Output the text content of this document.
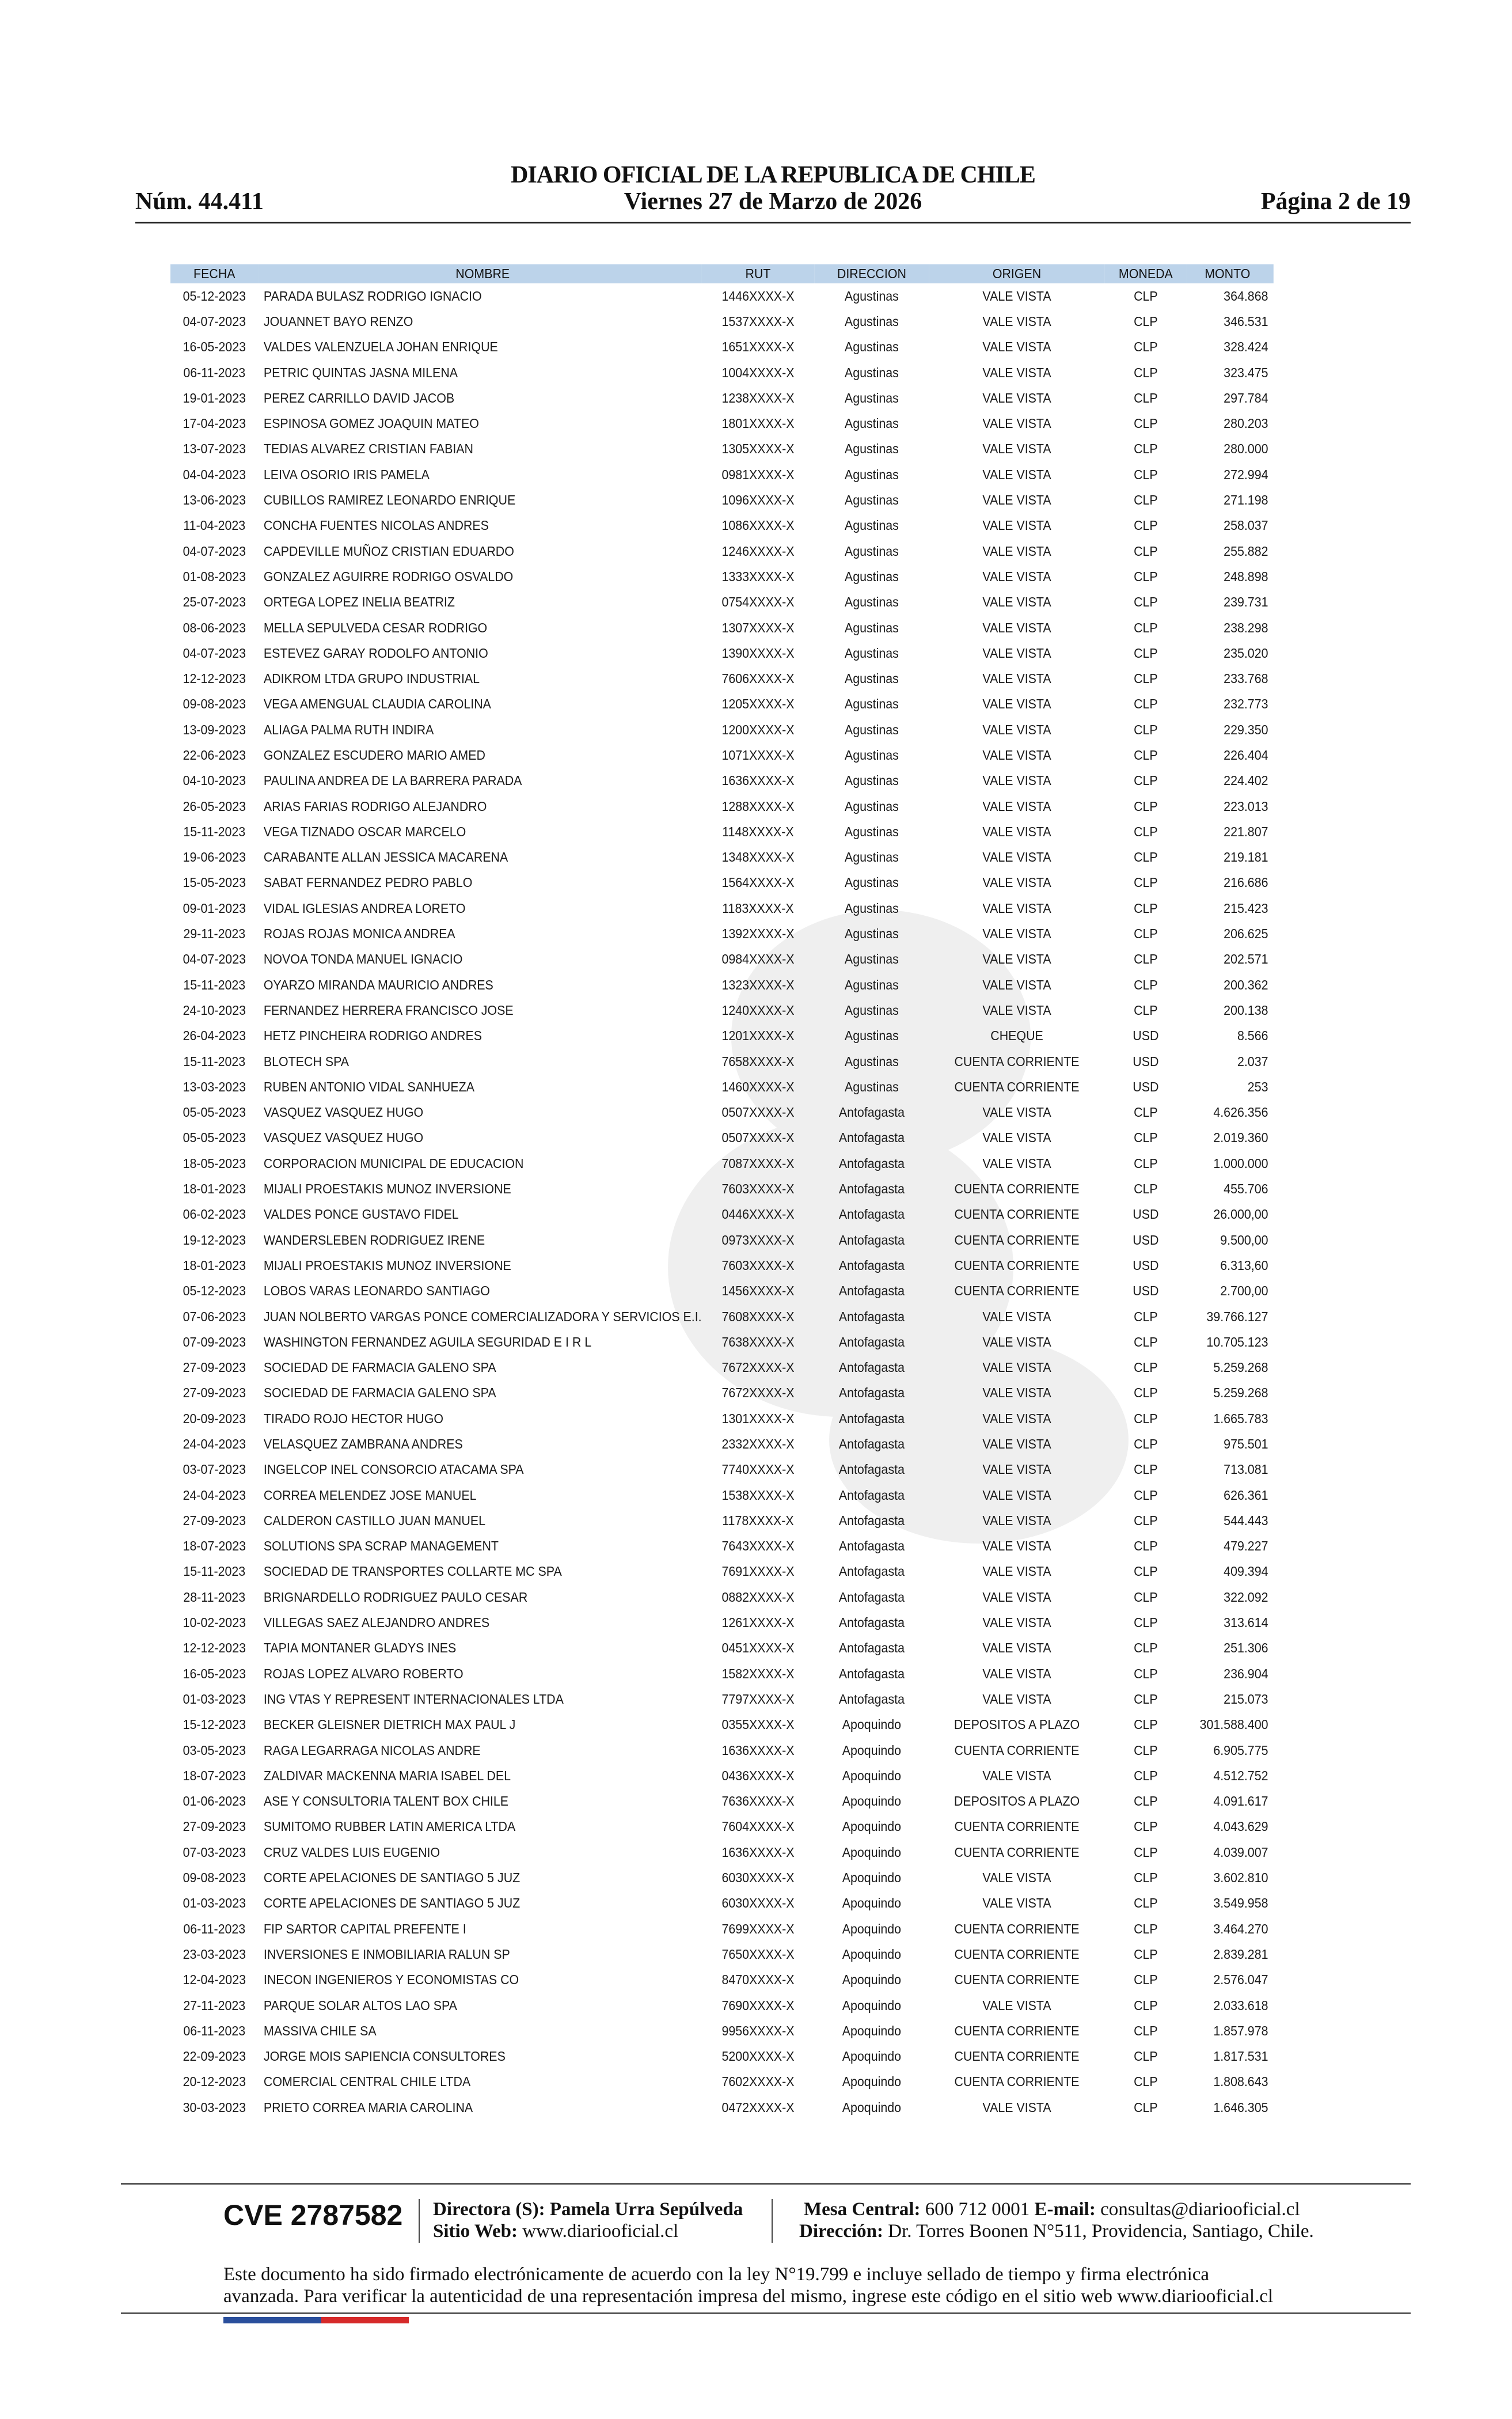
DIARIO OFICIAL DE LA REPUBLICA DE CHILE
Núm. 44.411	Viernes 27 de Marzo de 2026	Página 2 de 19
FECHA	NOMBRE	RUT	DIRECCION	ORIGEN	MONEDA	MONTO
05-12-2023	PARADA BULASZ RODRIGO IGNACIO	1446XXXX-X	Agustinas	VALE VISTA	CLP	364.868
04-07-2023	JOUANNET BAYO RENZO	1537XXXX-X	Agustinas	VALE VISTA	CLP	346.531
16-05-2023	VALDES VALENZUELA JOHAN ENRIQUE	1651XXXX-X	Agustinas	VALE VISTA	CLP	328.424
06-11-2023	PETRIC QUINTAS JASNA MILENA	1004XXXX-X	Agustinas	VALE VISTA	CLP	323.475
19-01-2023	PEREZ CARRILLO DAVID JACOB	1238XXXX-X	Agustinas	VALE VISTA	CLP	297.784
17-04-2023	ESPINOSA GOMEZ JOAQUIN MATEO	1801XXXX-X	Agustinas	VALE VISTA	CLP	280.203
13-07-2023	TEDIAS ALVAREZ CRISTIAN FABIAN	1305XXXX-X	Agustinas	VALE VISTA	CLP	280.000
04-04-2023	LEIVA OSORIO IRIS PAMELA	0981XXXX-X	Agustinas	VALE VISTA	CLP	272.994
13-06-2023	CUBILLOS RAMIREZ LEONARDO ENRIQUE	1096XXXX-X	Agustinas	VALE VISTA	CLP	271.198
11-04-2023	CONCHA FUENTES NICOLAS ANDRES	1086XXXX-X	Agustinas	VALE VISTA	CLP	258.037
04-07-2023	CAPDEVILLE MUÑOZ CRISTIAN EDUARDO	1246XXXX-X	Agustinas	VALE VISTA	CLP	255.882
01-08-2023	GONZALEZ AGUIRRE RODRIGO OSVALDO	1333XXXX-X	Agustinas	VALE VISTA	CLP	248.898
25-07-2023	ORTEGA LOPEZ INELIA BEATRIZ	0754XXXX-X	Agustinas	VALE VISTA	CLP	239.731
08-06-2023	MELLA SEPULVEDA CESAR RODRIGO	1307XXXX-X	Agustinas	VALE VISTA	CLP	238.298
04-07-2023	ESTEVEZ GARAY RODOLFO ANTONIO	1390XXXX-X	Agustinas	VALE VISTA	CLP	235.020
12-12-2023	ADIKROM LTDA GRUPO INDUSTRIAL	7606XXXX-X	Agustinas	VALE VISTA	CLP	233.768
09-08-2023	VEGA AMENGUAL CLAUDIA CAROLINA	1205XXXX-X	Agustinas	VALE VISTA	CLP	232.773
13-09-2023	ALIAGA PALMA RUTH INDIRA	1200XXXX-X	Agustinas	VALE VISTA	CLP	229.350
22-06-2023	GONZALEZ ESCUDERO MARIO AMED	1071XXXX-X	Agustinas	VALE VISTA	CLP	226.404
04-10-2023	PAULINA ANDREA DE LA BARRERA PARADA	1636XXXX-X	Agustinas	VALE VISTA	CLP	224.402
26-05-2023	ARIAS FARIAS RODRIGO ALEJANDRO	1288XXXX-X	Agustinas	VALE VISTA	CLP	223.013
15-11-2023	VEGA TIZNADO OSCAR MARCELO	1148XXXX-X	Agustinas	VALE VISTA	CLP	221.807
19-06-2023	CARABANTE ALLAN JESSICA MACARENA	1348XXXX-X	Agustinas	VALE VISTA	CLP	219.181
15-05-2023	SABAT FERNANDEZ PEDRO PABLO	1564XXXX-X	Agustinas	VALE VISTA	CLP	216.686
09-01-2023	VIDAL IGLESIAS ANDREA LORETO	1183XXXX-X	Agustinas	VALE VISTA	CLP	215.423
29-11-2023	ROJAS ROJAS MONICA ANDREA	1392XXXX-X	Agustinas	VALE VISTA	CLP	206.625
04-07-2023	NOVOA TONDA MANUEL IGNACIO	0984XXXX-X	Agustinas	VALE VISTA	CLP	202.571
15-11-2023	OYARZO MIRANDA MAURICIO ANDRES	1323XXXX-X	Agustinas	VALE VISTA	CLP	200.362
24-10-2023	FERNANDEZ HERRERA FRANCISCO JOSE	1240XXXX-X	Agustinas	VALE VISTA	CLP	200.138
26-04-2023	HETZ PINCHEIRA RODRIGO ANDRES	1201XXXX-X	Agustinas	CHEQUE	USD	8.566
15-11-2023	BLOTECH SPA	7658XXXX-X	Agustinas	CUENTA CORRIENTE	USD	2.037
13-03-2023	RUBEN ANTONIO VIDAL SANHUEZA	1460XXXX-X	Agustinas	CUENTA CORRIENTE	USD	253
05-05-2023	VASQUEZ VASQUEZ HUGO	0507XXXX-X	Antofagasta	VALE VISTA	CLP	4.626.356
05-05-2023	VASQUEZ VASQUEZ HUGO	0507XXXX-X	Antofagasta	VALE VISTA	CLP	2.019.360
18-05-2023	CORPORACION MUNICIPAL DE EDUCACION	7087XXXX-X	Antofagasta	VALE VISTA	CLP	1.000.000
18-01-2023	MIJALI PROESTAKIS MUNOZ INVERSIONE	7603XXXX-X	Antofagasta	CUENTA CORRIENTE	CLP	455.706
06-02-2023	VALDES PONCE GUSTAVO FIDEL	0446XXXX-X	Antofagasta	CUENTA CORRIENTE	USD	26.000,00
19-12-2023	WANDERSLEBEN RODRIGUEZ IRENE	0973XXXX-X	Antofagasta	CUENTA CORRIENTE	USD	9.500,00
18-01-2023	MIJALI PROESTAKIS MUNOZ INVERSIONE	7603XXXX-X	Antofagasta	CUENTA CORRIENTE	USD	6.313,60
05-12-2023	LOBOS VARAS LEONARDO SANTIAGO	1456XXXX-X	Antofagasta	CUENTA CORRIENTE	USD	2.700,00
07-06-2023	JUAN NOLBERTO VARGAS PONCE COMERCIALIZADORA Y SERVICIOS E.I.	7608XXXX-X	Antofagasta	VALE VISTA	CLP	39.766.127
07-09-2023	WASHINGTON FERNANDEZ AGUILA SEGURIDAD E I R L	7638XXXX-X	Antofagasta	VALE VISTA	CLP	10.705.123
27-09-2023	SOCIEDAD DE FARMACIA GALENO SPA	7672XXXX-X	Antofagasta	VALE VISTA	CLP	5.259.268
27-09-2023	SOCIEDAD DE FARMACIA GALENO SPA	7672XXXX-X	Antofagasta	VALE VISTA	CLP	5.259.268
20-09-2023	TIRADO ROJO HECTOR HUGO	1301XXXX-X	Antofagasta	VALE VISTA	CLP	1.665.783
24-04-2023	VELASQUEZ ZAMBRANA ANDRES	2332XXXX-X	Antofagasta	VALE VISTA	CLP	975.501
03-07-2023	INGELCOP INEL CONSORCIO ATACAMA SPA	7740XXXX-X	Antofagasta	VALE VISTA	CLP	713.081
24-04-2023	CORREA MELENDEZ JOSE MANUEL	1538XXXX-X	Antofagasta	VALE VISTA	CLP	626.361
27-09-2023	CALDERON CASTILLO JUAN MANUEL	1178XXXX-X	Antofagasta	VALE VISTA	CLP	544.443
18-07-2023	SOLUTIONS SPA SCRAP MANAGEMENT	7643XXXX-X	Antofagasta	VALE VISTA	CLP	479.227
15-11-2023	SOCIEDAD DE TRANSPORTES COLLARTE MC SPA	7691XXXX-X	Antofagasta	VALE VISTA	CLP	409.394
28-11-2023	BRIGNARDELLO RODRIGUEZ PAULO CESAR	0882XXXX-X	Antofagasta	VALE VISTA	CLP	322.092
10-02-2023	VILLEGAS SAEZ ALEJANDRO ANDRES	1261XXXX-X	Antofagasta	VALE VISTA	CLP	313.614
12-12-2023	TAPIA MONTANER GLADYS INES	0451XXXX-X	Antofagasta	VALE VISTA	CLP	251.306
16-05-2023	ROJAS LOPEZ ALVARO ROBERTO	1582XXXX-X	Antofagasta	VALE VISTA	CLP	236.904
01-03-2023	ING VTAS Y REPRESENT INTERNACIONALES LTDA	7797XXXX-X	Antofagasta	VALE VISTA	CLP	215.073
15-12-2023	BECKER GLEISNER DIETRICH MAX PAUL J	0355XXXX-X	Apoquindo	DEPOSITOS A PLAZO	CLP	301.588.400
03-05-2023	RAGA LEGARRAGA NICOLAS ANDRE	1636XXXX-X	Apoquindo	CUENTA CORRIENTE	CLP	6.905.775
18-07-2023	ZALDIVAR MACKENNA MARIA ISABEL DEL	0436XXXX-X	Apoquindo	VALE VISTA	CLP	4.512.752
01-06-2023	ASE Y CONSULTORIA TALENT BOX CHILE	7636XXXX-X	Apoquindo	DEPOSITOS A PLAZO	CLP	4.091.617
27-09-2023	SUMITOMO RUBBER LATIN AMERICA LTDA	7604XXXX-X	Apoquindo	CUENTA CORRIENTE	CLP	4.043.629
07-03-2023	CRUZ VALDES LUIS EUGENIO	1636XXXX-X	Apoquindo	CUENTA CORRIENTE	CLP	4.039.007
09-08-2023	CORTE APELACIONES DE SANTIAGO 5 JUZ	6030XXXX-X	Apoquindo	VALE VISTA	CLP	3.602.810
01-03-2023	CORTE APELACIONES DE SANTIAGO 5 JUZ	6030XXXX-X	Apoquindo	VALE VISTA	CLP	3.549.958
06-11-2023	FIP SARTOR CAPITAL PREFENTE I	7699XXXX-X	Apoquindo	CUENTA CORRIENTE	CLP	3.464.270
23-03-2023	INVERSIONES E INMOBILIARIA RALUN SP	7650XXXX-X	Apoquindo	CUENTA CORRIENTE	CLP	2.839.281
12-04-2023	INECON INGENIEROS Y ECONOMISTAS CO	8470XXXX-X	Apoquindo	CUENTA CORRIENTE	CLP	2.576.047
27-11-2023	PARQUE SOLAR ALTOS LAO SPA	7690XXXX-X	Apoquindo	VALE VISTA	CLP	2.033.618
06-11-2023	MASSIVA CHILE SA	9956XXXX-X	Apoquindo	CUENTA CORRIENTE	CLP	1.857.978
22-09-2023	JORGE MOIS SAPIENCIA CONSULTORES	5200XXXX-X	Apoquindo	CUENTA CORRIENTE	CLP	1.817.531
20-12-2023	COMERCIAL CENTRAL CHILE LTDA	7602XXXX-X	Apoquindo	CUENTA CORRIENTE	CLP	1.808.643
30-03-2023	PRIETO CORREA MARIA CAROLINA	0472XXXX-X	Apoquindo	VALE VISTA	CLP	1.646.305
CVE 2787582 Directora (S): Pamela Urra Sepúlveda
Sitio Web: www.diariooficial.cl
Mesa Central: 600 712 0001 E-mail: consultas@diariooficial.cl
Dirección: Dr. Torres Boonen N°511, Providencia, Santiago, Chile.
Este documento ha sido firmado electrónicamente de acuerdo con la ley N°19.799 e incluye sellado de tiempo y firma electrónica
avanzada. Para verificar la autenticidad de una representación impresa del mismo, ingrese este código en el sitio web www.diariooficial.cl
